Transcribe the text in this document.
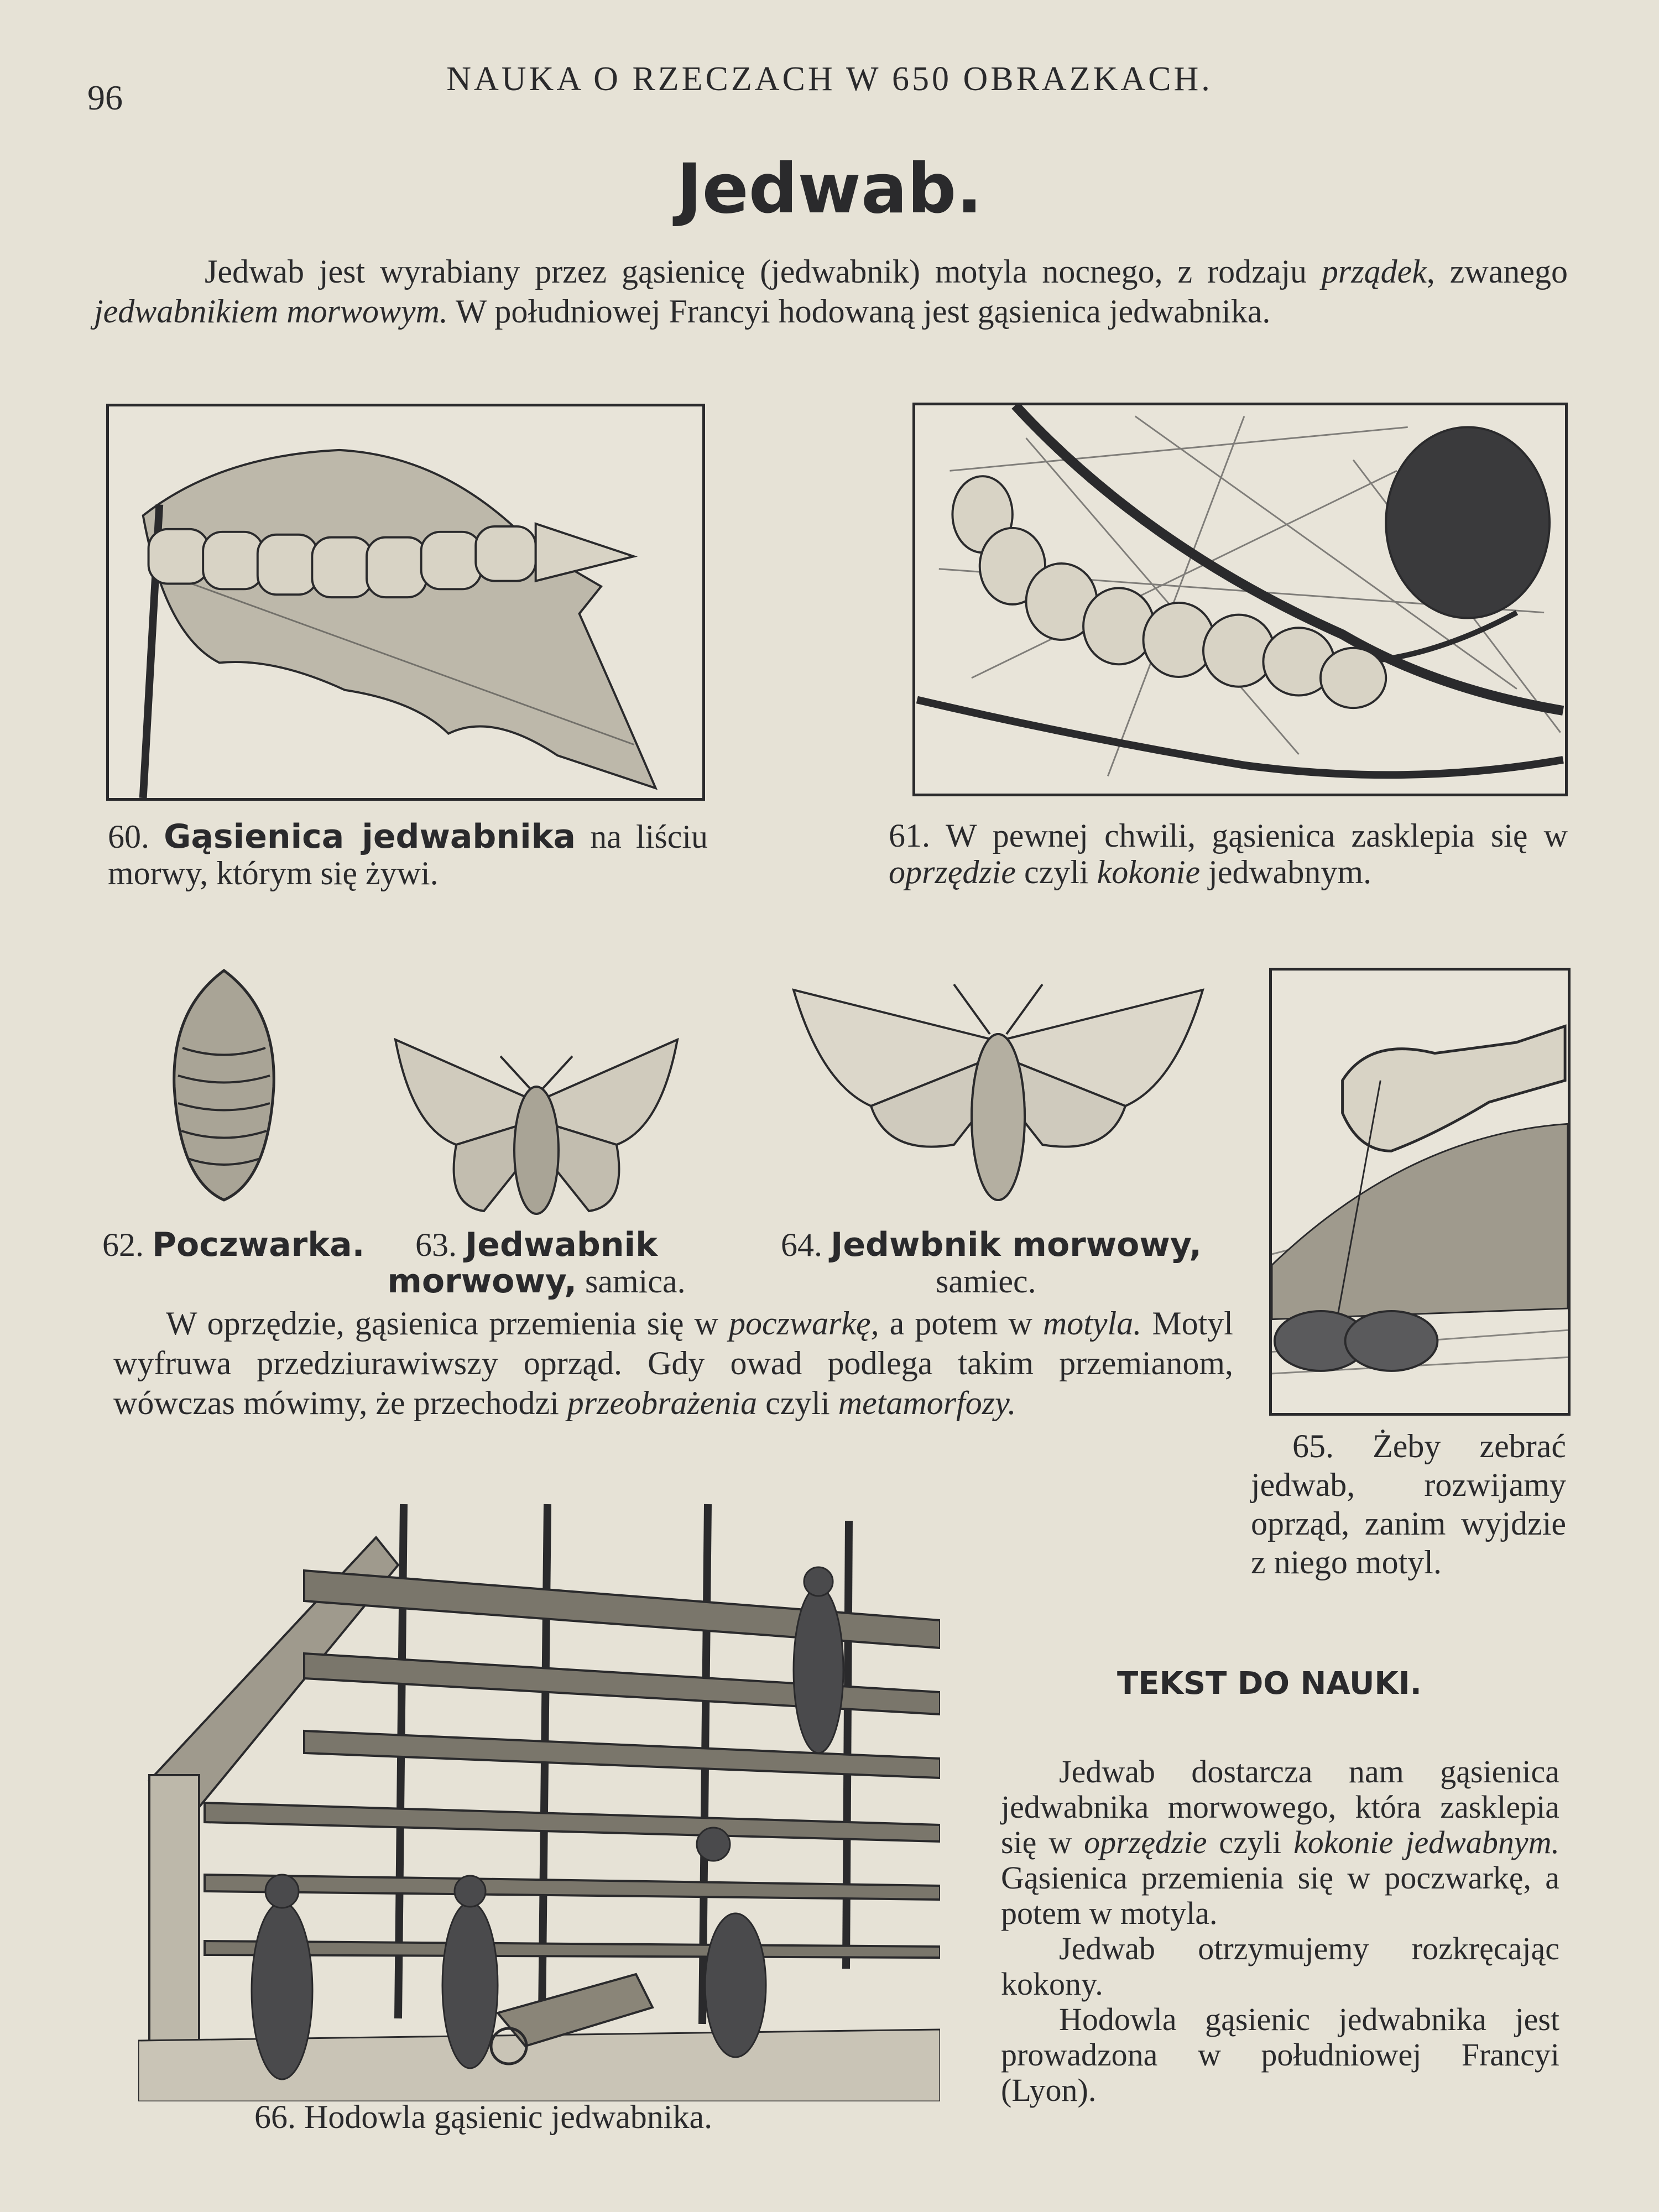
96	NAUKA O RZECZACH W 650 OBRAZKACH.
Jedwab.
Jedwab jest wyrabiany przez gąsienicę (jedwabnik) motyla nocnego, z rodzaju prządek, zwanego jedwabnikiem morwowym. W południowej Francyi hodowaną jest gąsienica jedwabnika.
60. Gąsienica jedwabnika na liściu morwy, którym się żywi.
61. W pewnej chwili, gąsienica zasklepia się w oprzędzie czyli kokonie jedwabnym.
62. Poczwarka.	63. Jedwabnik morwowy, samica.
64. Jedwbnik morwowy,
samiec.
W oprzędzie, gąsienica przemienia się w poczwarkę, a potem w motyla. Motyl wyfruwa przedziurawiwszy oprząd. Gdy owad podlega takim przemianom, wówczas mówimy, że przechodzi przeobrażenia czyli metamorfozy.
65. Żeby zebrać jedwab, rozwijamy oprząd, zanim wyjdzie z niego motyl.
66. Hodowla gąsienic jedwabnika.
TEKST DO NAUKI.
Jedwab dostarcza nam gąsienica jedwabnika morwowego, która zasklepia się w oprzędzie czyli kokonie jedwabnym. Gąsienica przemienia się w poczwarkę, a potem w motyla.
Jedwab otrzymujemy rozkręcając kokony.
Hodowla gąsienic jedwabnika jest prowadzona w południowej Francyi (Lyon).
